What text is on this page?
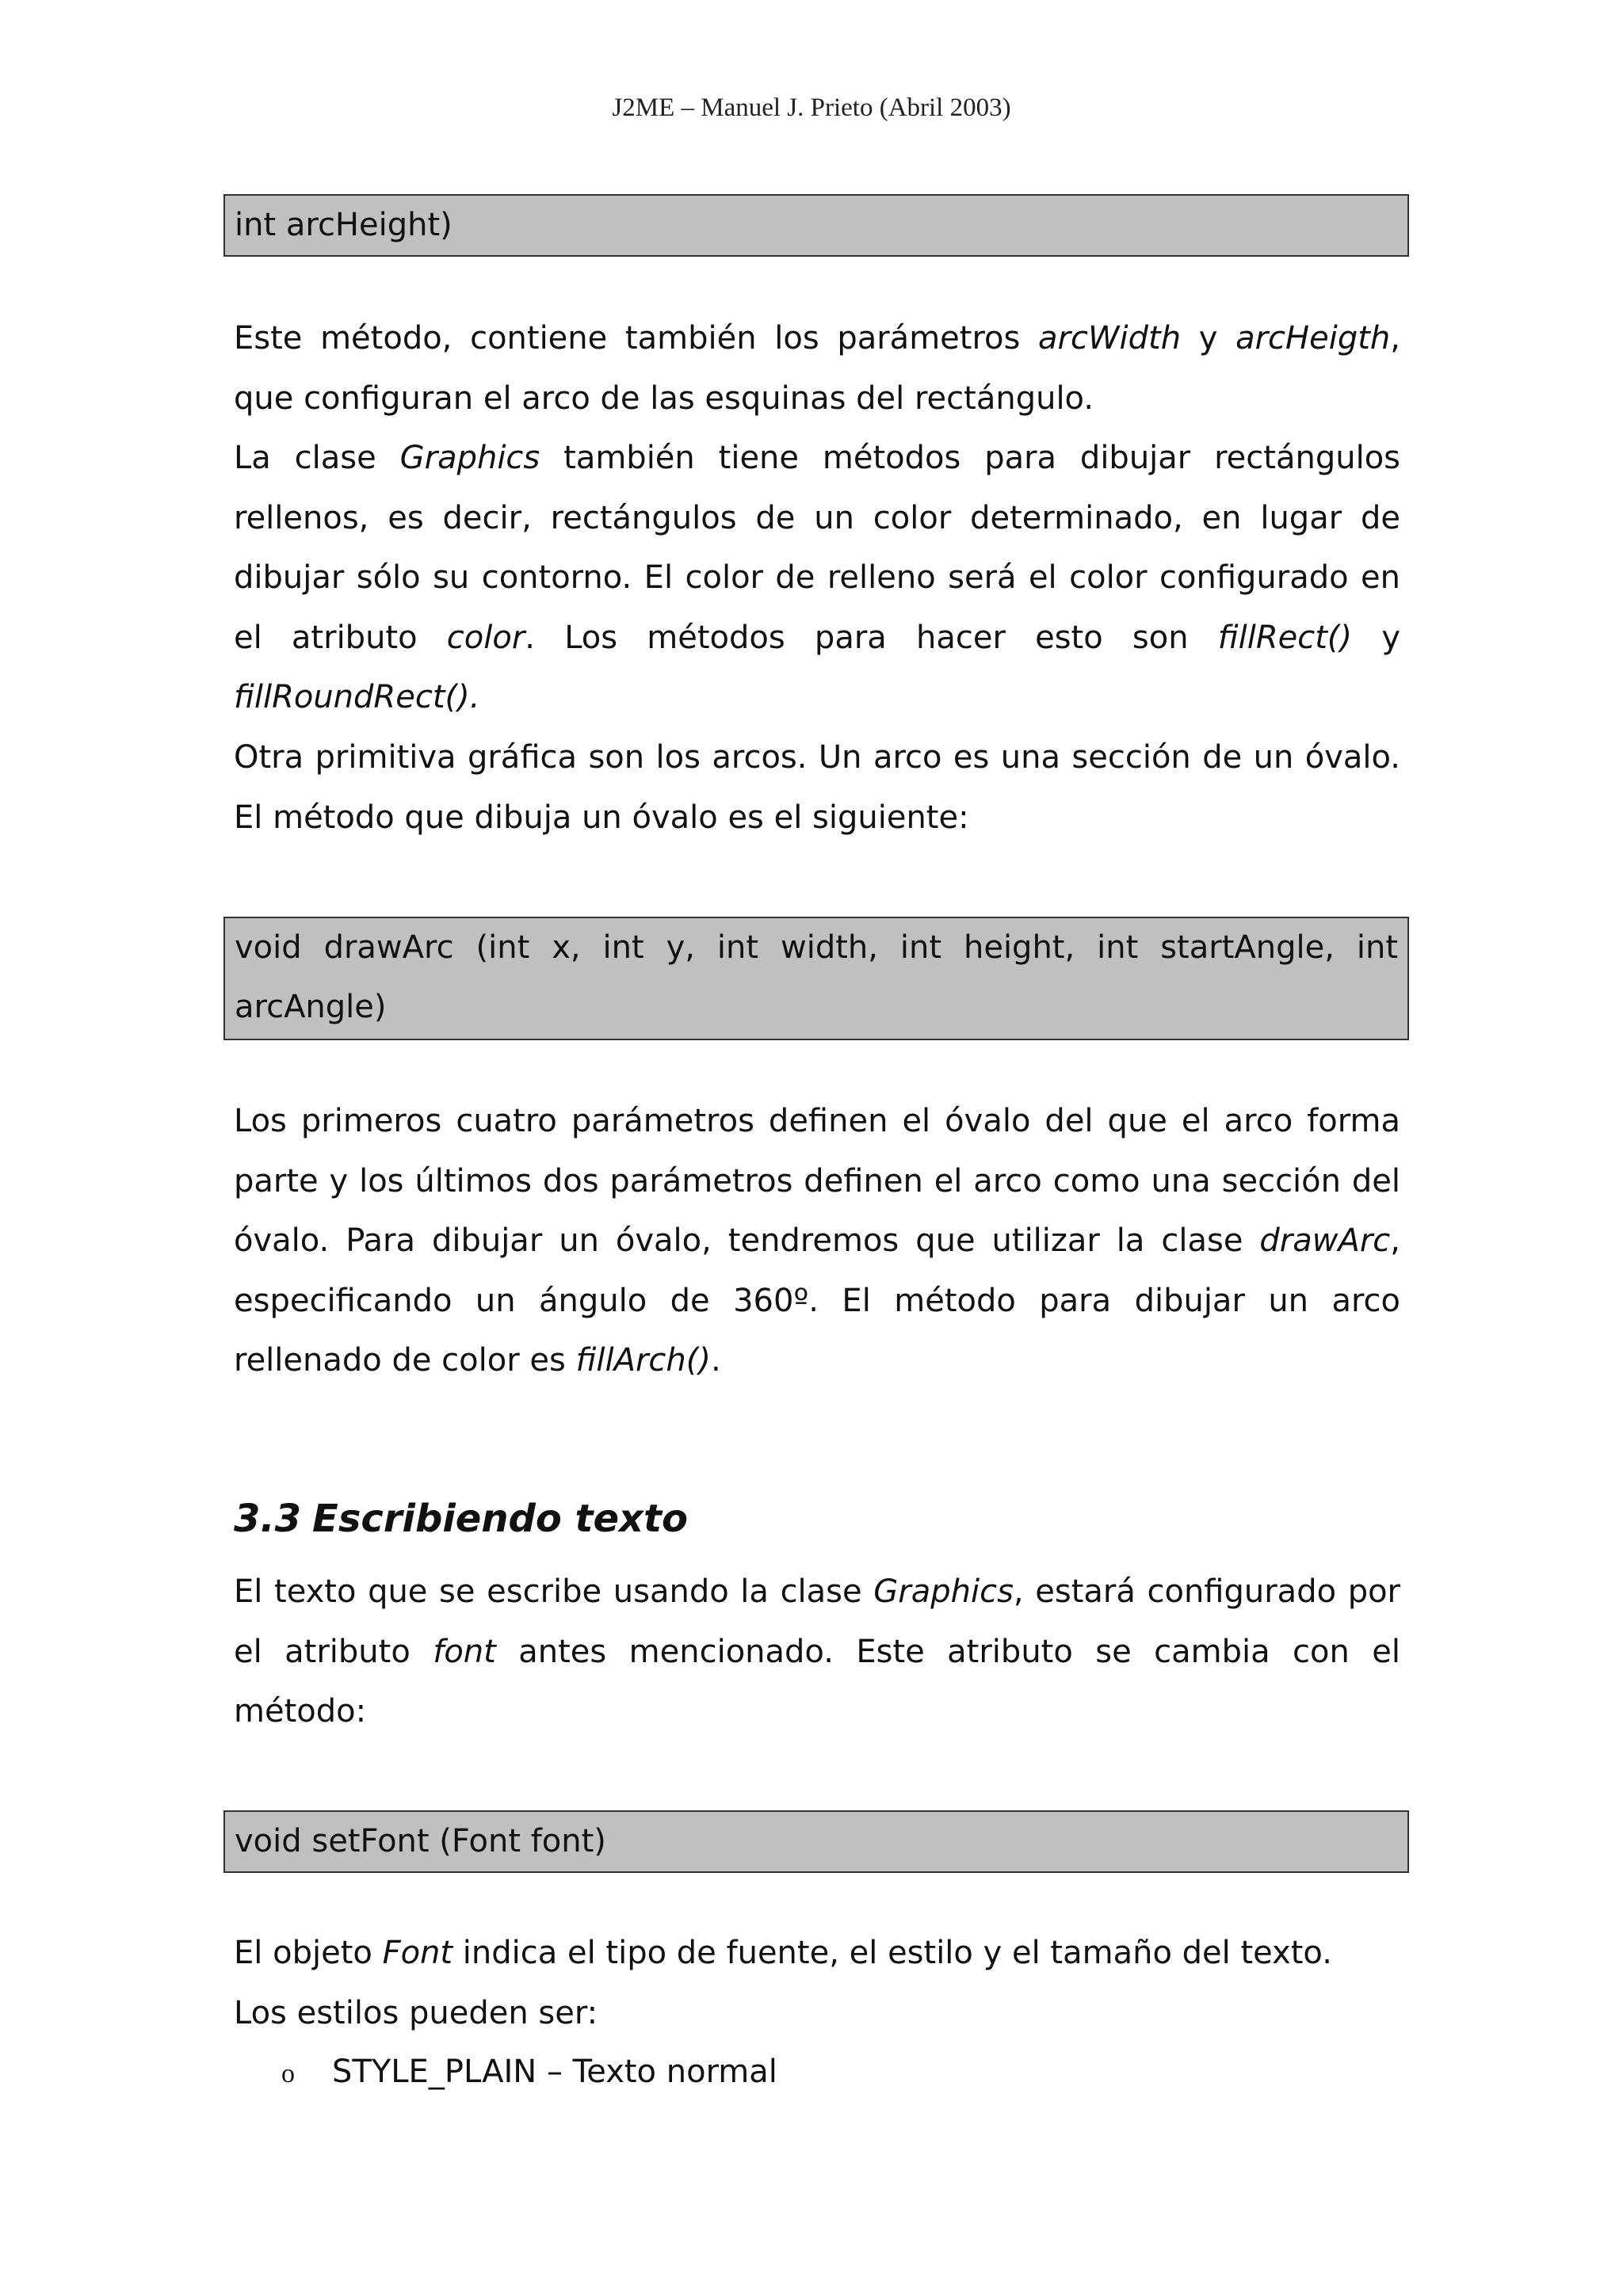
J2ME – Manuel J. Prieto (Abril 2003)
int arcHeight)

Este método, contiene también los parámetros arcWidth y arcHeigth, que configuran el arco de las esquinas del rectángulo.

La clase Graphics también tiene métodos para dibujar rectángulos rellenos, es decir, rectángulos de un color determinado, en lugar de dibujar sólo su contorno. El color de relleno será el color configurado en el atributo color. Los métodos para hacer esto son fillRect() y fillRoundRect().

Otra primitiva gráfica son los arcos. Un arco es una sección de un óvalo. El método que dibuja un óvalo es el siguiente:

void drawArc (int x, int y, int width, int height, int startAngle, int
arcAngle)

Los primeros cuatro parámetros definen el óvalo del que el arco forma parte y los últimos dos parámetros definen el arco como una sección del óvalo. Para dibujar un óvalo, tendremos que utilizar la clase drawArc, especificando un ángulo de 360º. El método para dibujar un arco rellenado de color es fillArch().

3.3 Escribiendo texto

El texto que se escribe usando la clase Graphics, estará configurado por el atributo font antes mencionado. Este atributo se cambia con el método:

void setFont (Font font)

El objeto Font indica el tipo de fuente, el estilo y el tamaño del texto.

Los estilos pueden ser:

o STYLE_PLAIN – Texto normal
